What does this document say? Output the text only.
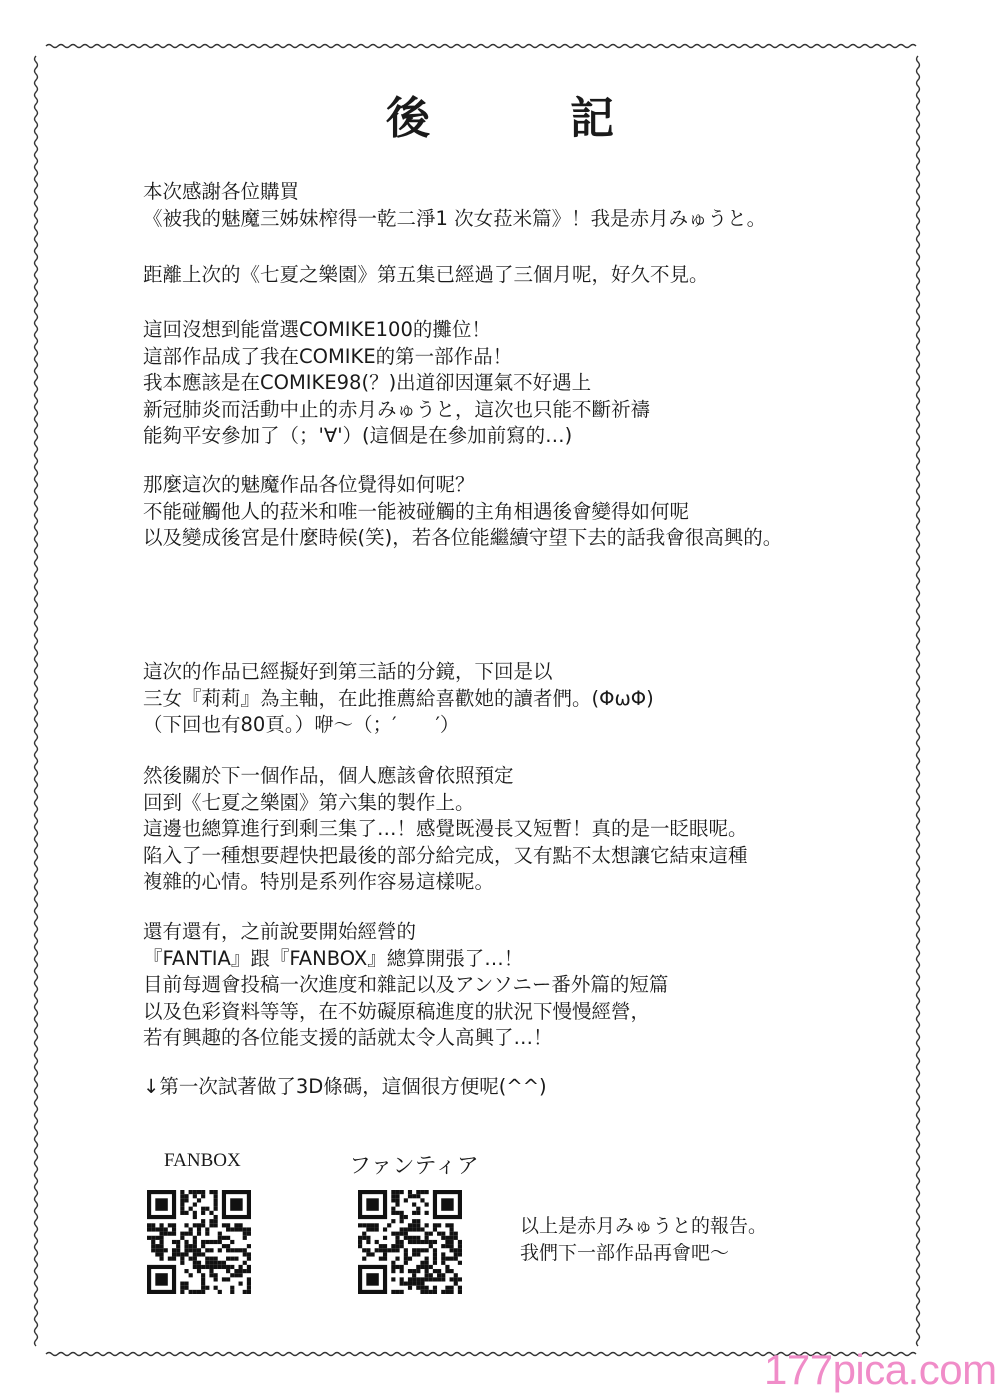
後記
本次感謝各位購買
《被我的魅魔三姊妹榨得一乾二淨1 次女菈米篇》！我是赤月みゅうと。
距離上次的《七夏之樂園》第五集已經過了三個月呢，好久不見。
這回沒想到能當選COMIKE100的攤位！
這部作品成了我在COMIKE的第一部作品！
我本應該是在COMIKE98(？)出道卻因運氣不好遇上
新冠肺炎而活動中止的赤月みゅうと，這次也只能不斷祈禱
能夠平安參加了（；'∀'）(這個是在參加前寫的…)
那麼這次的魅魔作品各位覺得如何呢？
不能碰觸他人的菈米和唯一能被碰觸的主角相遇後會變得如何呢
以及變成後宮是什麼時候(笑)，若各位能繼續守望下去的話我會很高興的。
這次的作品已經擬好到第三話的分鏡，下回是以
三女『莉莉』為主軸，在此推薦給喜歡她的讀者們。(ΦωΦ)
（下回也有80頁。）咿～（；′　　′）
然後關於下一個作品，個人應該會依照預定
回到《七夏之樂園》第六集的製作上。
這邊也總算進行到剩三集了…！感覺既漫長又短暫！真的是一眨眼呢。
陷入了一種想要趕快把最後的部分給完成，又有點不太想讓它結束這種
複雜的心情。特別是系列作容易這樣呢。
還有還有，之前說要開始經營的
『FANTIA』跟『FANBOX』總算開張了…！
目前每週會投稿一次進度和雜記以及アンソニー番外篇的短篇
以及色彩資料等等，在不妨礙原稿進度的狀況下慢慢經營，
若有興趣的各位能支援的話就太令人高興了…！
↓第一次試著做了3D條碼，這個很方便呢(^^)
FANBOX	ファンティア
以上是赤月みゅうと的報告。
我們下一部作品再會吧～
177pica.com
